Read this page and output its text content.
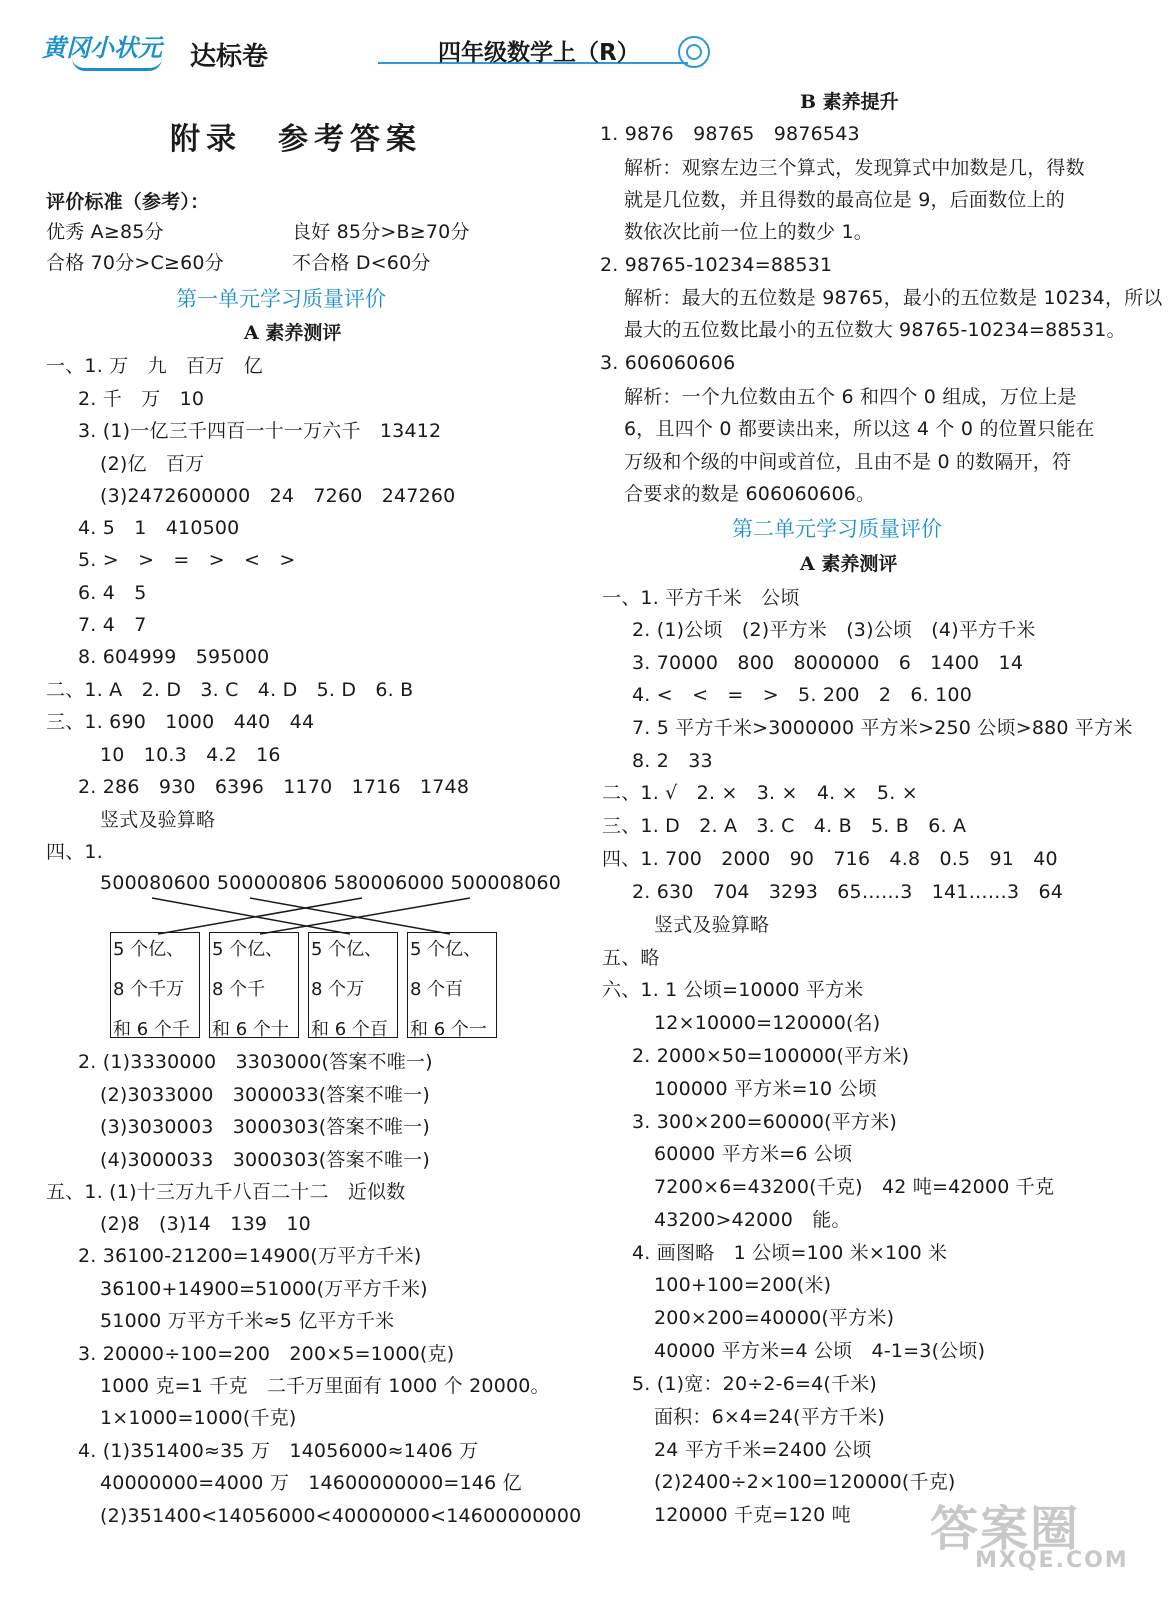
黄冈小状元 达标卷	四年级数学上（R）
附录　参考答案
第一单元学习质量评价
A 素养测评
B 素养提升
第二单元学习质量评价
A 素养测评
评价标准（参考）：
优秀 A≥85分	良好 85分>B≥70分
合格 70分>C≥60分	不合格 D<60分
一、1. 万　九　百万　亿
2. 千　万　10
3. (1)一亿三千四百一十一万六千　13412
(2)亿　百万
(3)2472600000　24　7260　247260
4. 5　1　410500
5. >　>　=　>　<　>
6. 4　5
7. 4　7
8. 604999　595000
二、1. A　2. D　3. C　4. D　5. D　6. B
三、1. 690　1000　440　44
10　10.3　4.2　16
2. 286　930　6396　1170　1716　1748
竖式及验算略
四、1.
500080600 500000806 580006000 500008060
2. (1)3330000　3303000(答案不唯一)
(2)3033000　3000033(答案不唯一)
(3)3030003　3000303(答案不唯一)
(4)3000033　3000303(答案不唯一)
五、1. (1)十三万九千八百二十二　近似数
(2)8　(3)14　139　10
2. 36100-21200=14900(万平方千米)
36100+14900=51000(万平方千米)
51000 万平方千米≈5 亿平方千米
3. 20000÷100=200　200×5=1000(克)
1000 克=1 千克　二千万里面有 1000 个 20000。
1×1000=1000(千克)
4. (1)351400≈35 万　14056000≈1406 万
40000000=4000 万　14600000000=146 亿
(2)351400<14056000<40000000<14600000000
1. 9876　98765　9876543
解析：观察左边三个算式，发现算式中加数是几，得数
就是几位数，并且得数的最高位是 9，后面数位上的
数依次比前一位上的数少 1。
2. 98765-10234=88531
解析：最大的五位数是 98765，最小的五位数是 10234，所以
最大的五位数比最小的五位数大 98765-10234=88531。
3. 606060606
解析：一个九位数由五个 6 和四个 0 组成，万位上是
6，且四个 0 都要读出来，所以这 4 个 0 的位置只能在
万级和个级的中间或首位，且由不是 0 的数隔开，符
合要求的数是 606060606。
一、1. 平方千米　公顷
2. (1)公顷　(2)平方米　(3)公顷　(4)平方千米
3. 70000　800　8000000　6　1400　14
4. <　<　=　>　5. 200　2　6. 100
7. 5 平方千米>3000000 平方米>250 公顷>880 平方米
8. 2　33
二、1. √　2. ×　3. ×　4. ×　5. ×
三、1. D　2. A　3. C　4. B　5. B　6. A
四、1. 700　2000　90　716　4.8　0.5　91　40
2. 630　704　3293　65……3　141……3　64
竖式及验算略
五、略
六、1. 1 公顷=10000 平方米
12×10000=120000(名)
2. 2000×50=100000(平方米)
100000 平方米=10 公顷
3. 300×200=60000(平方米)
60000 平方米=6 公顷
7200×6=43200(千克)　42 吨=42000 千克
43200>42000　能。
4. 画图略　1 公顷=100 米×100 米
100+100=200(米)
200×200=40000(平方米)
40000 平方米=4 公顷　4-1=3(公顷)
5. (1)宽：20÷2-6=4(千米)
面积：6×4=24(平方千米)
24 平方千米=2400 公顷
(2)2400÷2×100=120000(千克)
120000 千克=120 吨
5 个亿、
8 个千万
和 6 个千
5 个亿、
8 个千
和 6 个十
5 个亿、
8 个万
和 6 个百
5 个亿、
8 个百
和 6 个一
答案圈
MXQE.COM
